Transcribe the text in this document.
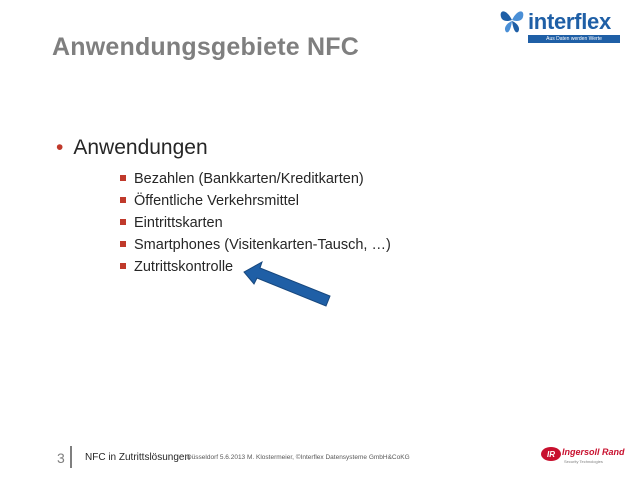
Anwendungsgebiete NFC
interflex
Aus Daten werden Werte
• Anwendungen
Bezahlen (Bankkarten/Kreditkarten)
Öffentliche Verkehrsmittel
Eintrittskarten
Smartphones (Visitenkarten-Tausch, …)
Zutrittskontrolle
3 NFC in Zutrittslösungen
Düsseldorf 5.6.2013 M. Klostermeier, ©Interflex Datensysteme GmbH&CoKG	IR Ingersoll Rand
Security Technologies
